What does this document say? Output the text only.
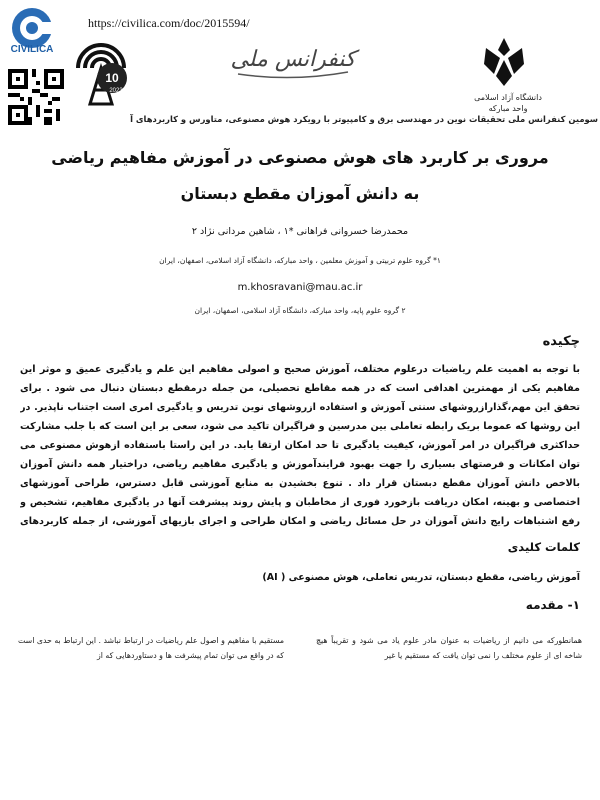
CIVILICA
https://civilica.com/doc/2015594/
10
2023
کنفرانس ملی
دانشگاه آزاد اسلامی
واحد مبارکه
سومین کنفرانس ملی تحقیقات نوین در مهندسی برق و کامپیوتر با رویکرد هوش مصنوعی، متاورس و کاربردهای آ
مروری بر کاربرد های هوش مصنوعی در آموزش مفاهیم ریاضی
به دانش آموزان مقطع دبستان
محمدرضا خسروانی فراهانی *۱ ، شاهین مردانی نژاد ۲
۱* گروه علوم تربیتی و آموزش معلمین ، واحد مبارکه، دانشگاه آزاد اسلامی، اصفهان، ایران
m.khosravani@mau.ac.ir
۲ گروه علوم پایه، واحد مبارکه، دانشگاه آزاد اسلامی، اصفهان، ایران
چکیده
با توجه به اهمیت علم ریاضیات درعلوم مختلف، آموزش صحیح و اصولی مفاهیم این علم و یادگیری عمیق و موثر این مفاهیم یکی از مهمترین اهدافی است که در همه مقاطع تحصیلی، من جمله درمقطع دبستان دنبال می شود . برای تحقق این مهم،گذارازروشهای سنتی آموزش و استفاده ازروشهای نوین تدریس و یادگیری امری است اجتناب ناپذیر. در این روشها که عموما بریک رابطه تعاملی بین مدرسین و فراگیران تاکید می شود، سعی بر این است که با جلب مشارکت حداکثری فراگیران در امر آموزش، کیفیت یادگیری تا حد امکان ارتقا یابد. در این راستا باستفاده ازهوش مصنوعی می توان امکانات و فرصتهای بسیاری را جهت بهبود فرایندآموزش و یادگیری مفاهیم ریاضی، دراختیار همه دانش آموزان بالاخص دانش آموزان مقطع دبستان قرار داد . تنوع بخشیدن به منابع آموزشی قابل دسترس، طراحی آموزشهای اختصاصی و بهینه، امکان دریافت بازخورد فوری از مخاطبان و پایش روند پیشرفت آنها در یادگیری مفاهیم، تشخیص و رفع اشتباهات رایج دانش آموزان در حل مسائل ریاضی و امکان طراحی و اجرای بازیهای آموزشی، از جمله کاربردهای
کلمات کلیدی
آموزش ریاضی، مقطع دبستان، تدریس تعاملی، هوش مصنوعی ( AI)
۱- مقدمه
همانطورکه می دانیم از ریاضیات به عنوان مادر علوم یاد می شود و تقریباً هیچ شاخه ای از علوم مختلف را نمی توان یافت که مستقیم یا غیر
مستقیم با مفاهیم و اصول علم ریاضیات در ارتباط نباشد . این ارتباط به حدی است که در واقع می توان تمام پیشرفت ها و دستاوردهایی که از
